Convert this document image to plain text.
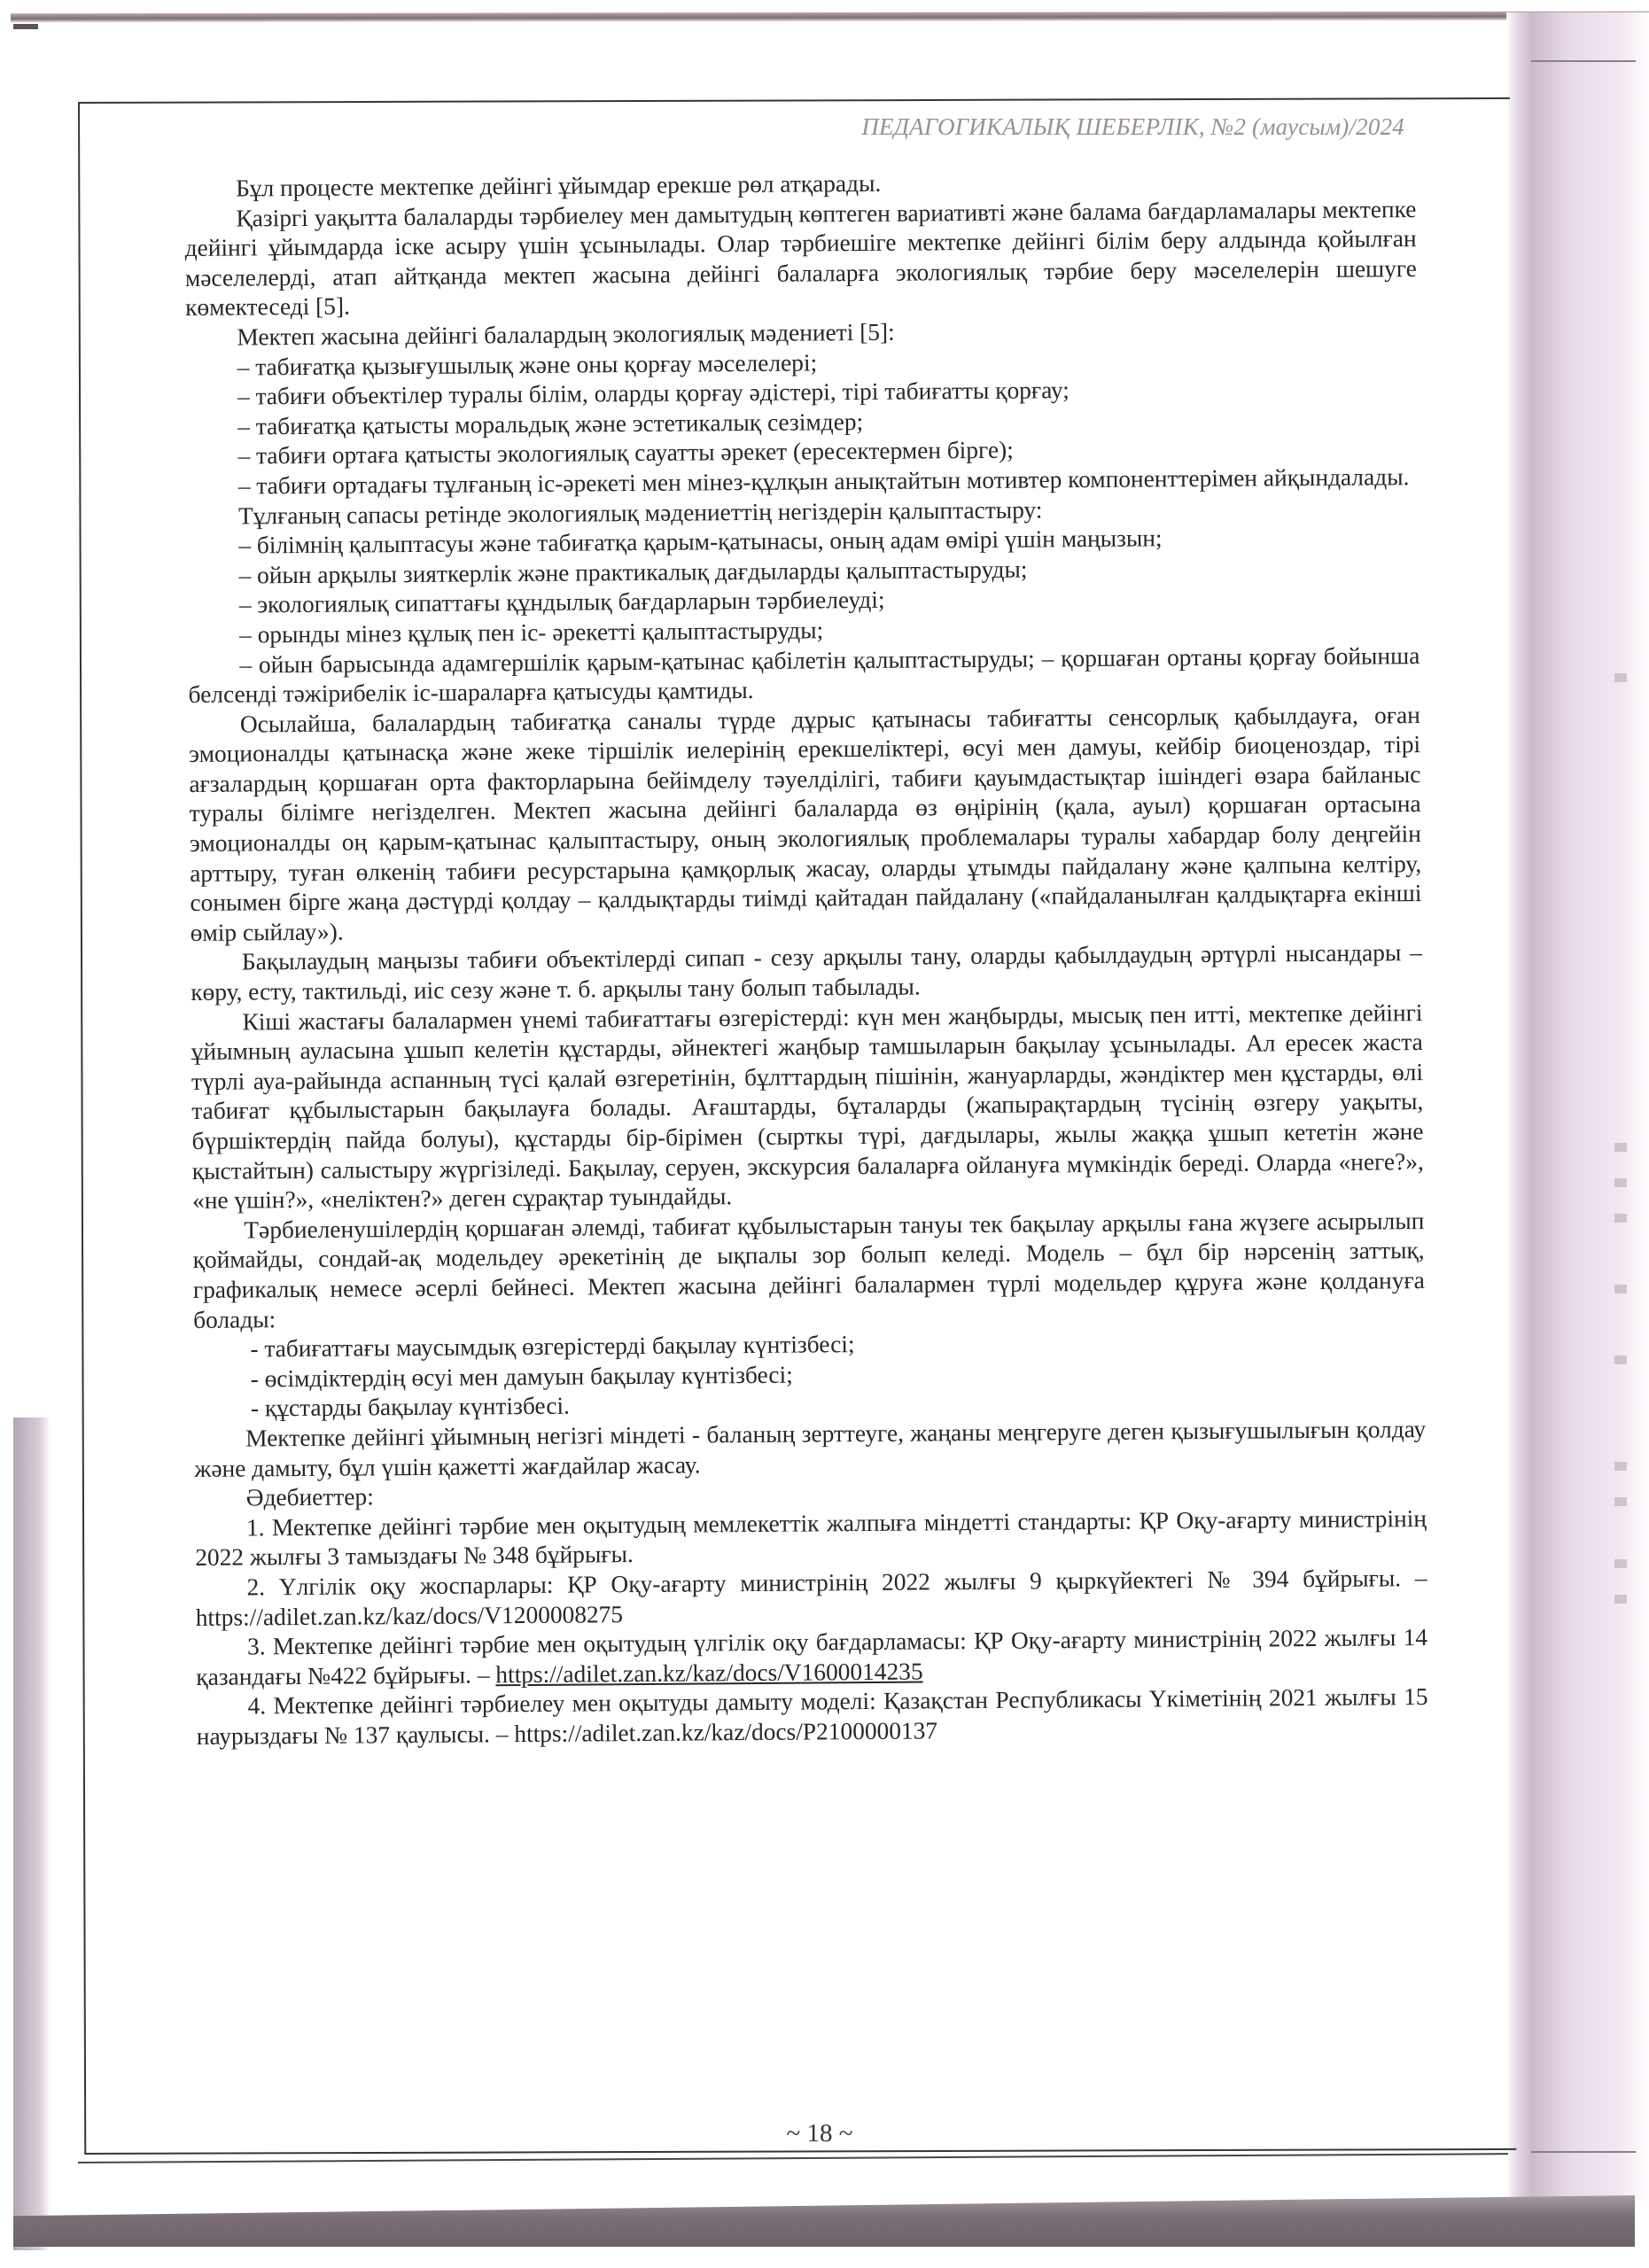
ПЕДАГОГИКАЛЫҚ ШЕБЕРЛІК, №2 (маусым)/2024

Бұл процесте мектепке дейінгі ұйымдар ерекше рөл атқарады.

Қазіргі уақытта балаларды тәрбиелеу мен дамытудың көптеген вариативті және балама бағдарламалары мектепке дейінгі ұйымдарда іске асыру үшін ұсынылады. Олар тәрбиешіге мектепке дейінгі білім беру алдында қойылған мәселелерді, атап айтқанда мектеп жасына дейінгі балаларға экологиялық тәрбие беру мәселелерін шешуге көмектеседі [5].

Мектеп жасына дейінгі балалардың экологиялық мәдениеті [5]:

– табиғатқа қызығушылық және оны қорғау мәселелері;

– табиғи объектілер туралы білім, оларды қорғау әдістері, тірі табиғатты қорғау;

– табиғатқа қатысты моральдық және эстетикалық сезімдер;

– табиғи ортаға қатысты экологиялық сауатты әрекет (ересектермен бірге);

– табиғи ортадағы тұлғаның іс-әрекеті мен мінез-құлқын анықтайтын мотивтер компоненттерімен айқындалады.

Тұлғаның сапасы ретінде экологиялық мәдениеттің негіздерін қалыптастыру:

– білімнің қалыптасуы және табиғатқа қарым-қатынасы, оның адам өмірі үшін маңызын;

– ойын арқылы зияткерлік және практикалық дағдыларды қалыптастыруды;

– экологиялық сипаттағы құндылық бағдарларын тәрбиелеуді;

– орынды мінез құлық пен іс- әрекетті қалыптастыруды;

– ойын барысында адамгершілік қарым-қатынас қабілетін қалыптастыруды; – қоршаған ортаны қорғау бойынша белсенді тәжірибелік іс-шараларға қатысуды қамтиды.

Осылайша, балалардың табиғатқа саналы түрде дұрыс қатынасы табиғатты сенсорлық қабылдауға, оған эмоционалды қатынасқа және жеке тіршілік иелерінің ерекшеліктері, өсуі мен дамуы, кейбір биоценоздар, тірі ағзалардың қоршаған орта факторларына бейімделу тәуелділігі, табиғи қауымдастықтар ішіндегі өзара байланыс туралы білімге негізделген. Мектеп жасына дейінгі балаларда өз өңірінің (қала, ауыл) қоршаған ортасына эмоционалды оң қарым-қатынас қалыптастыру, оның экологиялық проблемалары туралы хабардар болу деңгейін арттыру, туған өлкенің табиғи ресурстарына қамқорлық жасау, оларды ұтымды пайдалану және қалпына келтіру, сонымен бірге жаңа дәстүрді қолдау – қалдықтарды тиімді қайтадан пайдалану («пайдаланылған қалдықтарға екінші өмір сыйлау»).

Бақылаудың маңызы табиғи объектілерді сипап - сезу арқылы тану, оларды қабылдаудың әртүрлі нысандары – көру, есту, тактильді, иіс сезу және т. б. арқылы тану болып табылады.

Кіші жастағы балалармен үнемі табиғаттағы өзгерістерді: күн мен жаңбырды, мысық пен итті, мектепке дейінгі ұйымның ауласына ұшып келетін құстарды, әйнектегі жаңбыр тамшыларын бақылау ұсынылады. Ал ересек жаста түрлі ауа-райында аспанның түсі қалай өзгеретінін, бұлттардың пішінін, жануарларды, жәндіктер мен құстарды, өлі табиғат құбылыстарын бақылауға болады. Ағаштарды, бұталарды (жапырақтардың түсінің өзгеру уақыты, бүршіктердің пайда болуы), құстарды бір-бірімен (сырткы түрі, дағдылары, жылы жаққа ұшып кететін және қыстайтын) салыстыру жүргізіледі. Бақылау, серуен, экскурсия балаларға ойлануға мүмкіндік береді. Оларда «неге?», «не үшін?», «неліктен?» деген сұрақтар туындайды.

Тәрбиеленушілердің қоршаған әлемді, табиғат құбылыстарын тануы тек бақылау арқылы ғана жүзеге асырылып қоймайды, сондай-ақ модельдеу әрекетінің де ықпалы зор болып келеді. Модель – бұл бір нәрсенің заттық, графикалық немесе әсерлі бейнесі. Мектеп жасына дейінгі балалармен түрлі модельдер құруға және қолдануға болады:

- табиғаттағы маусымдық өзгерістерді бақылау күнтізбесі;

- өсімдіктердің өсуі мен дамуын бақылау күнтізбесі;

- құстарды бақылау күнтізбесі.

Мектепке дейінгі ұйымның негізгі міндеті - баланың зерттеуге, жаңаны меңгеруге деген қызығушылығын қолдау және дамыту, бұл үшін қажетті жағдайлар жасау.

Әдебиеттер:

1. Мектепке дейінгі тәрбие мен оқытудың мемлекеттік жалпыға міндетті стандарты: ҚР Оқу-ағарту министрінің 2022 жылғы 3 тамыздағы № 348 бұйрығы.

2. Үлгілік оқу жоспарлары: ҚР Оқу-ағарту министрінің 2022 жылғы 9 қыркүйектегі № 394 бұйрығы. – https://adilet.zan.kz/kaz/docs/V1200008275

3. Мектепке дейінгі тәрбие мен оқытудың үлгілік оқу бағдарламасы: ҚР Оқу-ағарту министрінің 2022 жылғы 14 қазандағы №422 бұйрығы. – https://adilet.zan.kz/kaz/docs/V1600014235

4. Мектепке дейінгі тәрбиелеу мен оқытуды дамыту моделі: Қазақстан Республикасы Үкіметінің 2021 жылғы 15 наурыздағы № 137 қаулысы. – https://adilet.zan.kz/kaz/docs/P2100000137

~ 18 ~
